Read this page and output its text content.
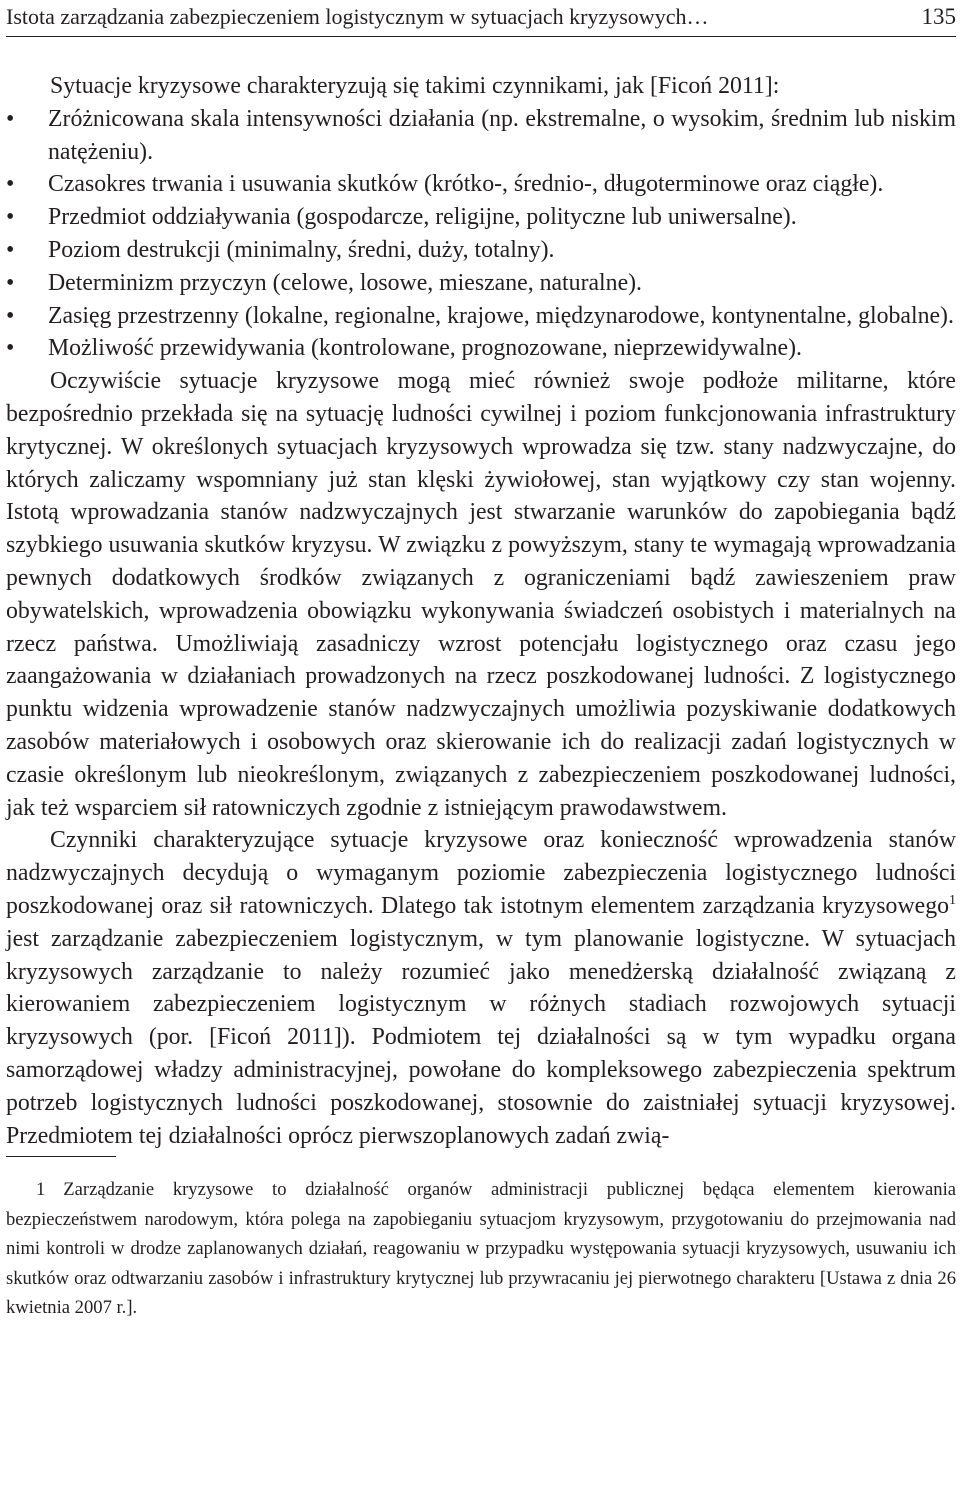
Istota zarządzania zabezpieczeniem logistycznym w sytuacjach kryzysowych…	135

Sytuacje kryzysowe charakteryzują się takimi czynnikami, jak [Ficoń 2011]:

• Zróżnicowana skala intensywności działania (np. ekstremalne, o wysokim, średnim lub niskim natężeniu).
• Czasokres trwania i usuwania skutków (krótko-, średnio-, długoterminowe oraz ciągłe).
• Przedmiot oddziaływania (gospodarcze, religijne, polityczne lub uniwersalne).
• Poziom destrukcji (minimalny, średni, duży, totalny).
• Determinizm przyczyn (celowe, losowe, mieszane, naturalne).
• Zasięg przestrzenny (lokalne, regionalne, krajowe, międzynarodowe, kontynentalne, globalne).
• Możliwość przewidywania (kontrolowane, prognozowane, nieprzewidywalne).

Oczywiście sytuacje kryzysowe mogą mieć również swoje podłoże militarne, które bezpośrednio przekłada się na sytuację ludności cywilnej i poziom funkcjonowania infrastruktury krytycznej. W określonych sytuacjach kryzysowych wprowadza się tzw. stany nadzwyczajne, do których zaliczamy wspomniany już stan klęski żywiołowej, stan wyjątkowy czy stan wojenny. Istotą wprowadzania stanów nadzwyczajnych jest stwarzanie warunków do zapobiegania bądź szybkiego usuwania skutków kryzysu. W związku z powyższym, stany te wymagają wprowadzania pewnych dodatkowych środków związanych z ograniczeniami bądź zawieszeniem praw obywatelskich, wprowadzenia obowiązku wykonywania świadczeń osobistych i materialnych na rzecz państwa. Umożliwiają zasadniczy wzrost potencjału logistycznego oraz czasu jego zaangażowania w działaniach prowadzonych na rzecz poszkodowanej ludności. Z logistycznego punktu widzenia wprowadzenie stanów nadzwyczajnych umożliwia pozyskiwanie dodatkowych zasobów materiałowych i osobowych oraz skierowanie ich do realizacji zadań logistycznych w czasie określonym lub nieokreślonym, związanych z zabezpieczeniem poszkodowanej ludności, jak też wsparciem sił ratowniczych zgodnie z istniejącym prawodawstwem.

Czynniki charakteryzujące sytuacje kryzysowe oraz konieczność wprowadzenia stanów nadzwyczajnych decydują o wymaganym poziomie zabezpieczenia logistycznego ludności poszkodowanej oraz sił ratowniczych. Dlatego tak istotnym elementem zarządzania kryzysowego$^1$ jest zarządzanie zabezpieczeniem logistycznym, w tym planowanie logistyczne. W sytuacjach kryzysowych zarządzanie to należy rozumieć jako menedżerską działalność związaną z kierowaniem zabezpieczeniem logistycznym w różnych stadiach rozwojowych sytuacji kryzysowych (por. [Ficoń 2011]). Podmiotem tej działalności są w tym wypadku organa samorządowej władzy administracyjnej, powołane do kompleksowego zabezpieczenia spektrum potrzeb logistycznych ludności poszkodowanej, stosownie do zaistniałej sytuacji kryzysowej. Przedmiotem tej działalności oprócz pierwszoplanowych zadań zwią-

1 Zarządzanie kryzysowe to działalność organów administracji publicznej będąca elementem kierowania bezpieczeństwem narodowym, która polega na zapobieganiu sytuacjom kryzysowym, przygotowaniu do przejmowania nad nimi kontroli w drodze zaplanowanych działań, reagowaniu w przypadku występowania sytuacji kryzysowych, usuwaniu ich skutków oraz odtwarzaniu zasobów i infrastruktury krytycznej lub przywracaniu jej pierwotnego charakteru [Ustawa z dnia 26 kwietnia 2007 r.].
